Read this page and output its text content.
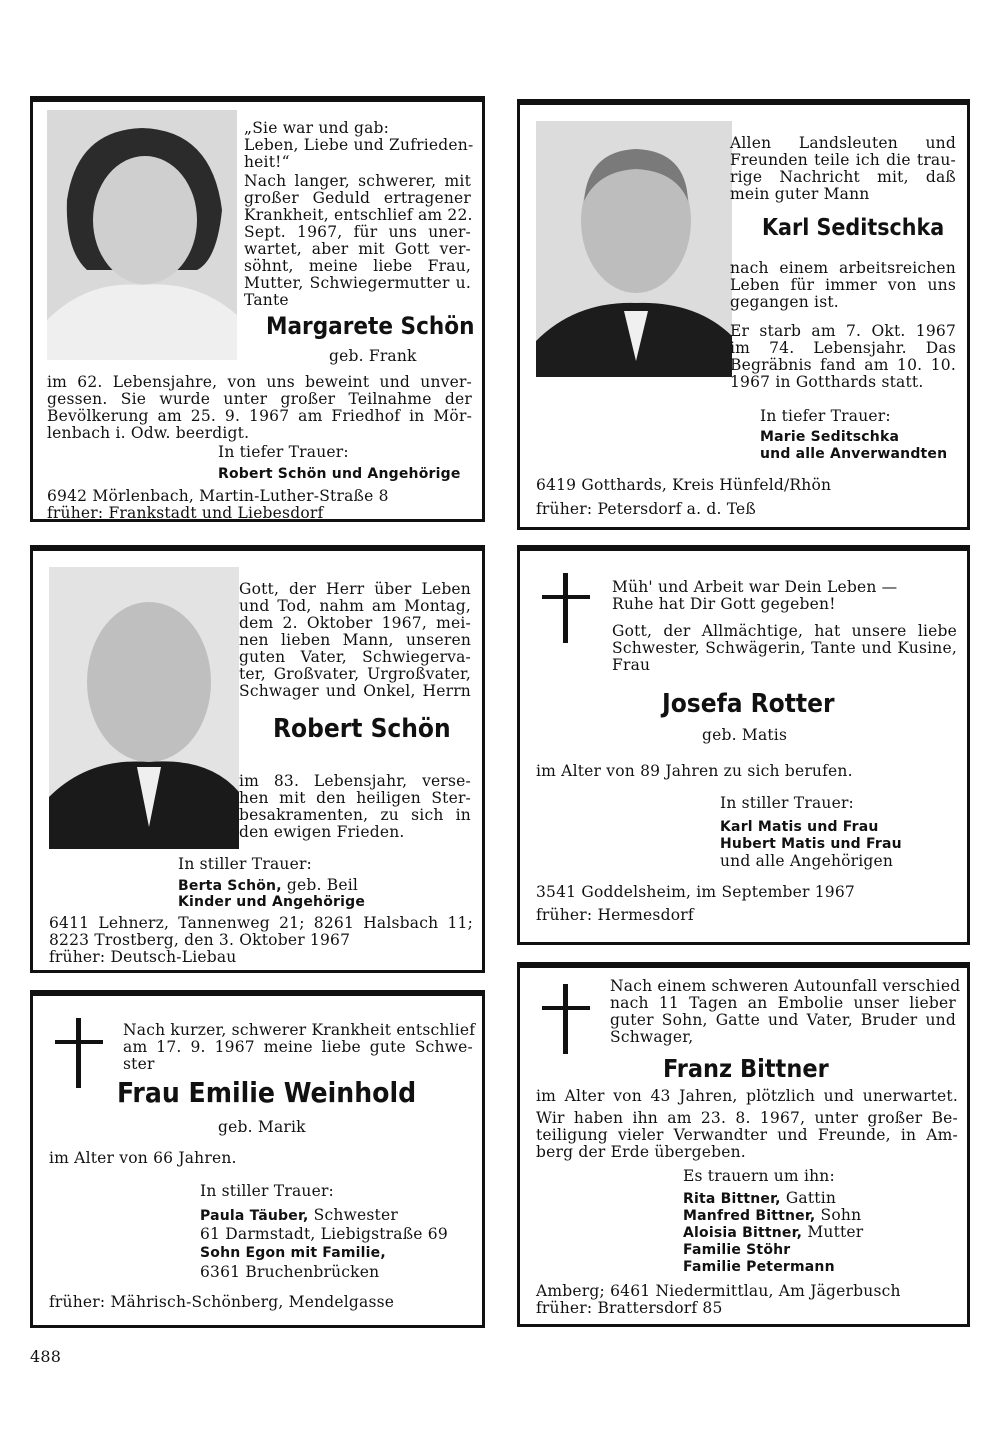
„Sie war und gab:
Leben, Liebe und Zufrieden-
heit!“
Nach langer, schwerer, mit
großer Geduld ertragener
Krankheit, entschlief am 22.
Sept. 1967, für uns uner-
wartet, aber mit Gott ver-
söhnt, meine liebe Frau,
Mutter, Schwiegermutter u.
Tante
Margarete Schön
geb. Frank
im 62. Lebensjahre, von uns beweint und unver-
gessen. Sie wurde unter großer Teilnahme der
Bevölkerung am 25. 9. 1967 am Friedhof in Mör-
lenbach i. Odw. beerdigt.
In tiefer Trauer:
Robert Schön und Angehörige
6942 Mörlenbach, Martin-Luther-Straße 8
früher: Frankstadt und Liebesdorf
Allen Landsleuten und
Freunden teile ich die trau-
rige Nachricht mit, daß
mein guter Mann
Karl Seditschka
nach einem arbeitsreichen
Leben für immer von uns
gegangen ist.
Er starb am 7. Okt. 1967
im 74. Lebensjahr. Das
Begräbnis fand am 10. 10.
1967 in Gotthards statt.
In tiefer Trauer:
Marie Seditschka
und alle Anverwandten
6419 Gotthards, Kreis Hünfeld/Rhön
früher: Petersdorf a. d. Teß
Gott, der Herr über Leben
und Tod, nahm am Montag,
dem 2. Oktober 1967, mei-
nen lieben Mann, unseren
guten Vater, Schwiegerva-
ter, Großvater, Urgroßvater,
Schwager und Onkel, Herrn
Robert Schön
im 83. Lebensjahr, verse-
hen mit den heiligen Ster-
besakramenten, zu sich in
den ewigen Frieden.
In stiller Trauer:
Berta Schön, geb. Beil
Kinder und Angehörige
6411 Lehnerz, Tannenweg 21; 8261 Halsbach 11;
8223 Trostberg, den 3. Oktober 1967
früher: Deutsch-Liebau
Müh' und Arbeit war Dein Leben —
Ruhe hat Dir Gott gegeben!
Gott, der Allmächtige, hat unsere liebe
Schwester, Schwägerin, Tante und Kusine,
Frau
Josefa Rotter
geb. Matis
im Alter von 89 Jahren zu sich berufen.
In stiller Trauer:
Karl Matis und Frau
Hubert Matis und Frau
und alle Angehörigen
3541 Goddelsheim, im September 1967
früher: Hermesdorf
Nach kurzer, schwerer Krankheit entschlief
am 17. 9. 1967 meine liebe gute Schwe-
ster
Frau Emilie Weinhold
geb. Marik
im Alter von 66 Jahren.
In stiller Trauer:
Paula Täuber, Schwester
61 Darmstadt, Liebigstraße 69
Sohn Egon mit Familie,
6361 Bruchenbrücken
früher: Mährisch-Schönberg, Mendelgasse
Nach einem schweren Autounfall verschied
nach 11 Tagen an Embolie unser lieber
guter Sohn, Gatte und Vater, Bruder und
Schwager,
Franz Bittner
im Alter von 43 Jahren, plötzlich und unerwartet.
Wir haben ihn am 23. 8. 1967, unter großer Be-
teiligung vieler Verwandter und Freunde, in Am-
berg der Erde übergeben.
Es trauern um ihn:
Rita Bittner, Gattin
Manfred Bittner, Sohn
Aloisia Bittner, Mutter
Familie Stöhr
Familie Petermann
Amberg; 6461 Niedermittlau, Am Jägerbusch
früher: Brattersdorf 85
488
